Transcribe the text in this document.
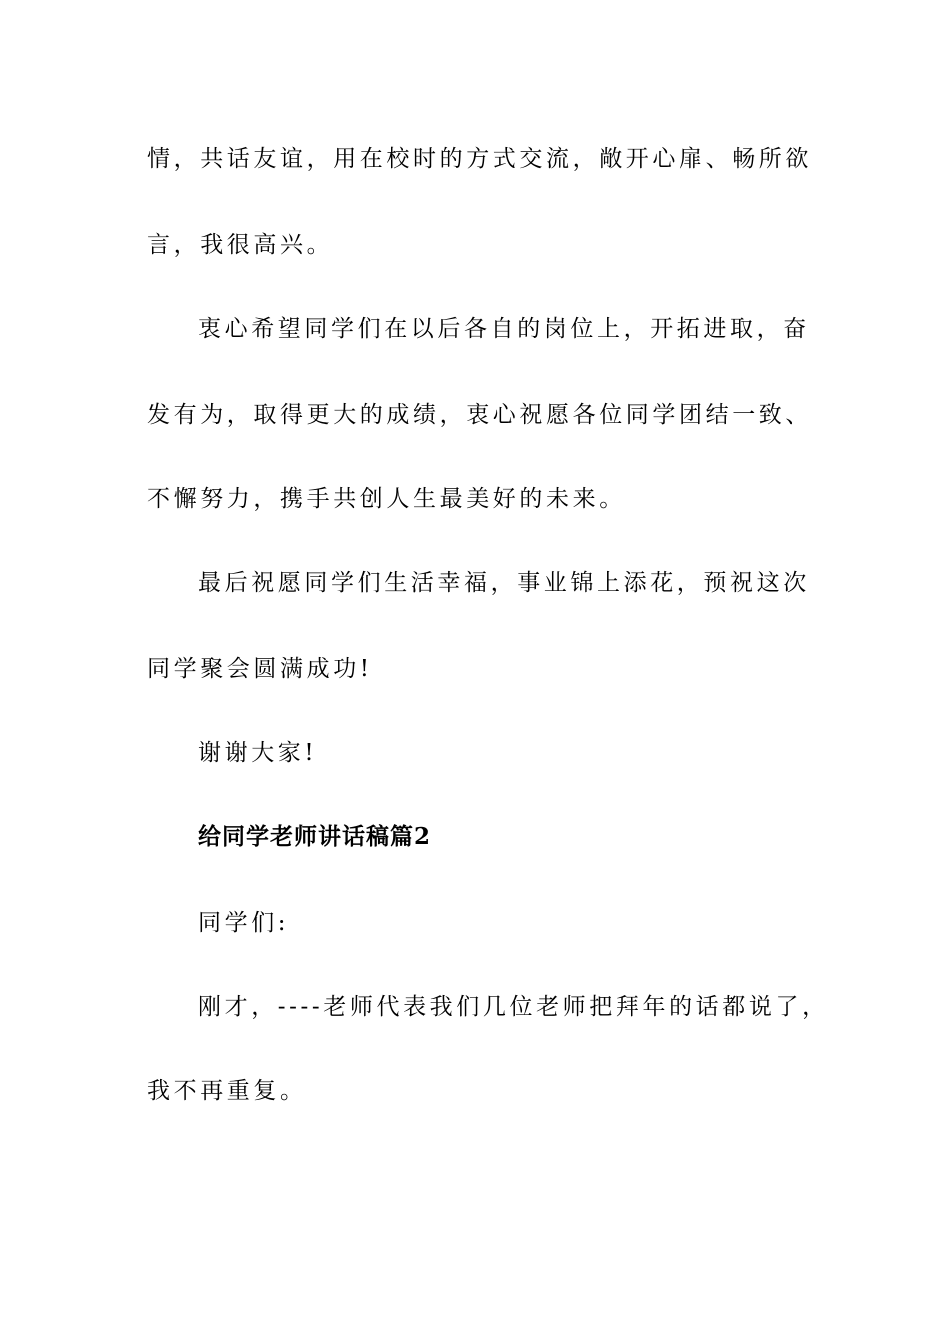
情，共话友谊，用在校时的方式交流，敞开心扉、畅所欲
言，我很高兴。
衷心希望同学们在以后各自的岗位上，开拓进取，奋
发有为，取得更大的成绩，衷心祝愿各位同学团结一致、
不懈努力，携手共创人生最美好的未来。
最后祝愿同学们生活幸福，事业锦上添花，预祝这次
同学聚会圆满成功!
谢谢大家!
给同学老师讲话稿篇2
同学们:
刚才，----老师代表我们几位老师把拜年的话都说了，
我不再重复。
